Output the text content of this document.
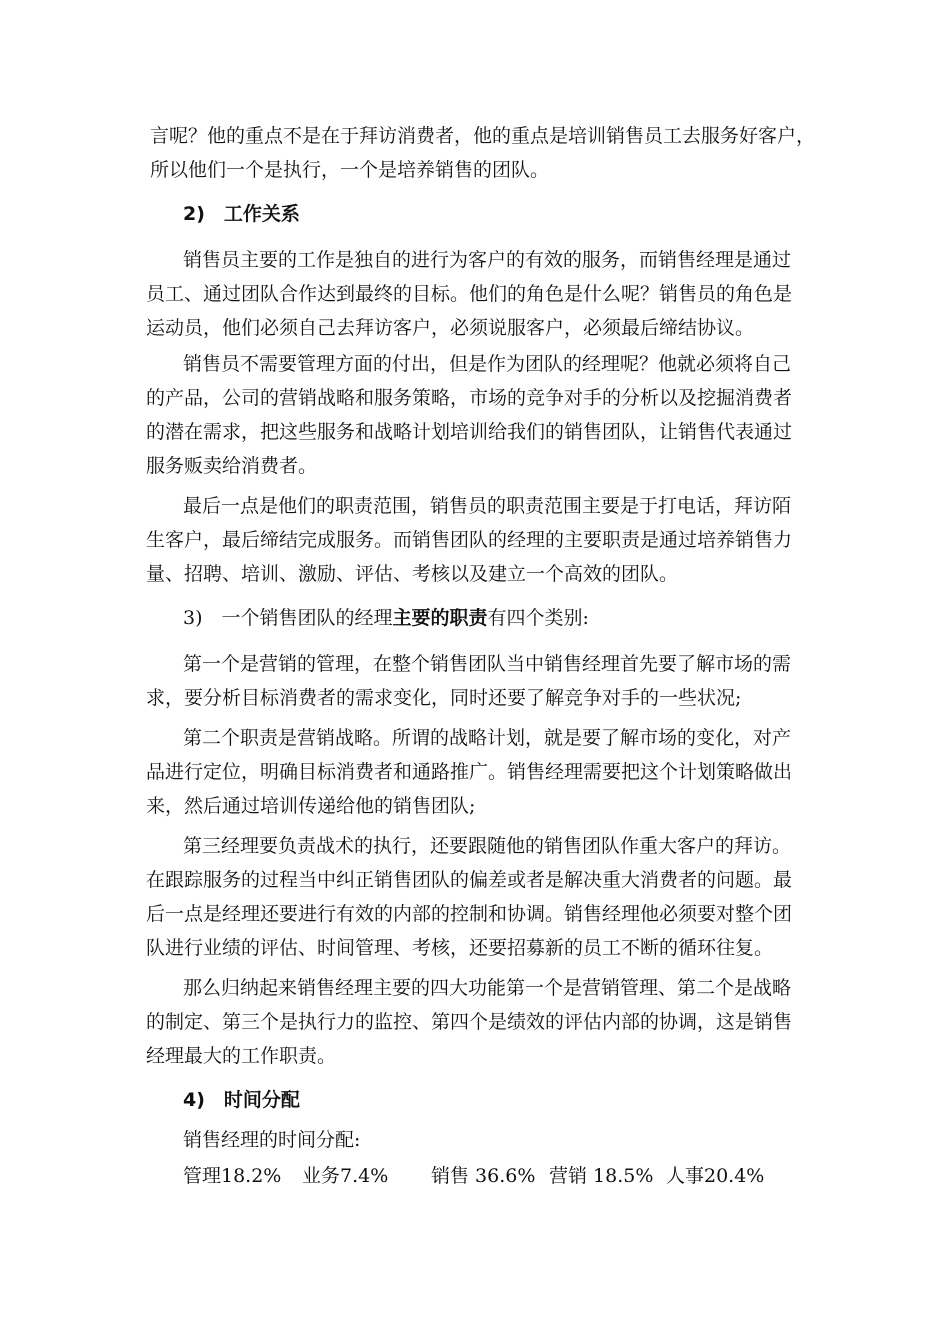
言呢？他的重点不是在于拜访消费者，他的重点是培训销售员工去服务好客户，
所以他们一个是执行，一个是培养销售的团队。
2)　工作关系
销售员主要的工作是独自的进行为客户的有效的服务，而销售经理是通过
员工、通过团队合作达到最终的目标。他们的角色是什么呢？销售员的角色是
运动员，他们必须自己去拜访客户，必须说服客户，必须最后缔结协议。
销售员不需要管理方面的付出，但是作为团队的经理呢？他就必须将自己
的产品，公司的营销战略和服务策略，市场的竞争对手的分析以及挖掘消费者
的潜在需求，把这些服务和战略计划培训给我们的销售团队，让销售代表通过
服务贩卖给消费者。
最后一点是他们的职责范围，销售员的职责范围主要是于打电话，拜访陌
生客户，最后缔结完成服务。而销售团队的经理的主要职责是通过培养销售力
量、招聘、培训、激励、评估、考核以及建立一个高效的团队。
3)　一个销售团队的经理主要的职责有四个类别:
第一个是营销的管理，在整个销售团队当中销售经理首先要了解市场的需
求，要分析目标消费者的需求变化，同时还要了解竞争对手的一些状况;
第二个职责是营销战略。所谓的战略计划，就是要了解市场的变化，对产
品进行定位，明确目标消费者和通路推广。销售经理需要把这个计划策略做出
来，然后通过培训传递给他的销售团队;
第三经理要负责战术的执行，还要跟随他的销售团队作重大客户的拜访。
在跟踪服务的过程当中纠正销售团队的偏差或者是解决重大消费者的问题。最
后一点是经理还要进行有效的内部的控制和协调。销售经理他必须要对整个团
队进行业绩的评估、时间管理、考核，还要招募新的员工不断的循环往复。
那么归纳起来销售经理主要的四大功能第一个是营销管理、第二个是战略
的制定、第三个是执行力的监控、第四个是绩效的评估内部的协调，这是销售
经理最大的工作职责。
4)　时间分配
销售经理的时间分配:
管理18.2% 业务7.4% 销售 36.6% 营销 18.5% 人事20.4%
